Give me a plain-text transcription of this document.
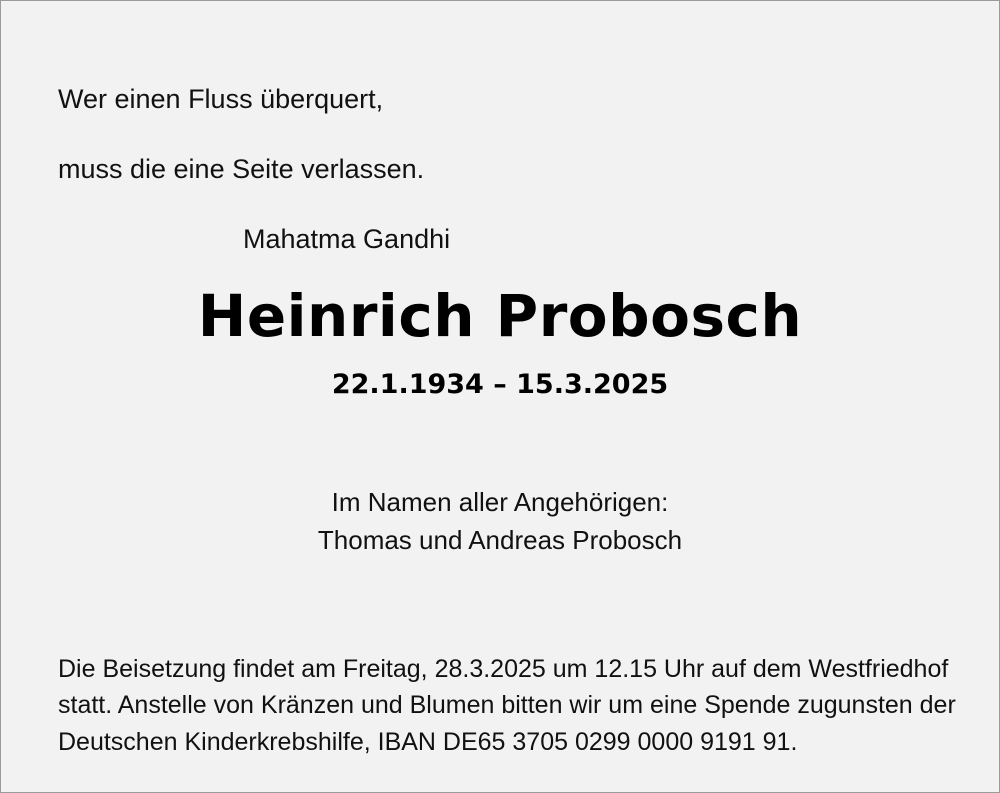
Wer einen Fluss überquert,

muss die eine Seite verlassen.

Mahatma Gandhi

Heinrich Probosch
22.1.1934 – 15.3.2025
Im Namen aller Angehörigen:
Thomas und Andreas Probosch
Die Beisetzung findet am Freitag, 28.3.2025 um 12.15 Uhr auf dem Westfriedhof
statt. Anstelle von Kränzen und Blumen bitten wir um eine Spende zugunsten der
Deutschen Kinderkrebshilfe, IBAN DE65 3705 0299 0000 9191 91.
